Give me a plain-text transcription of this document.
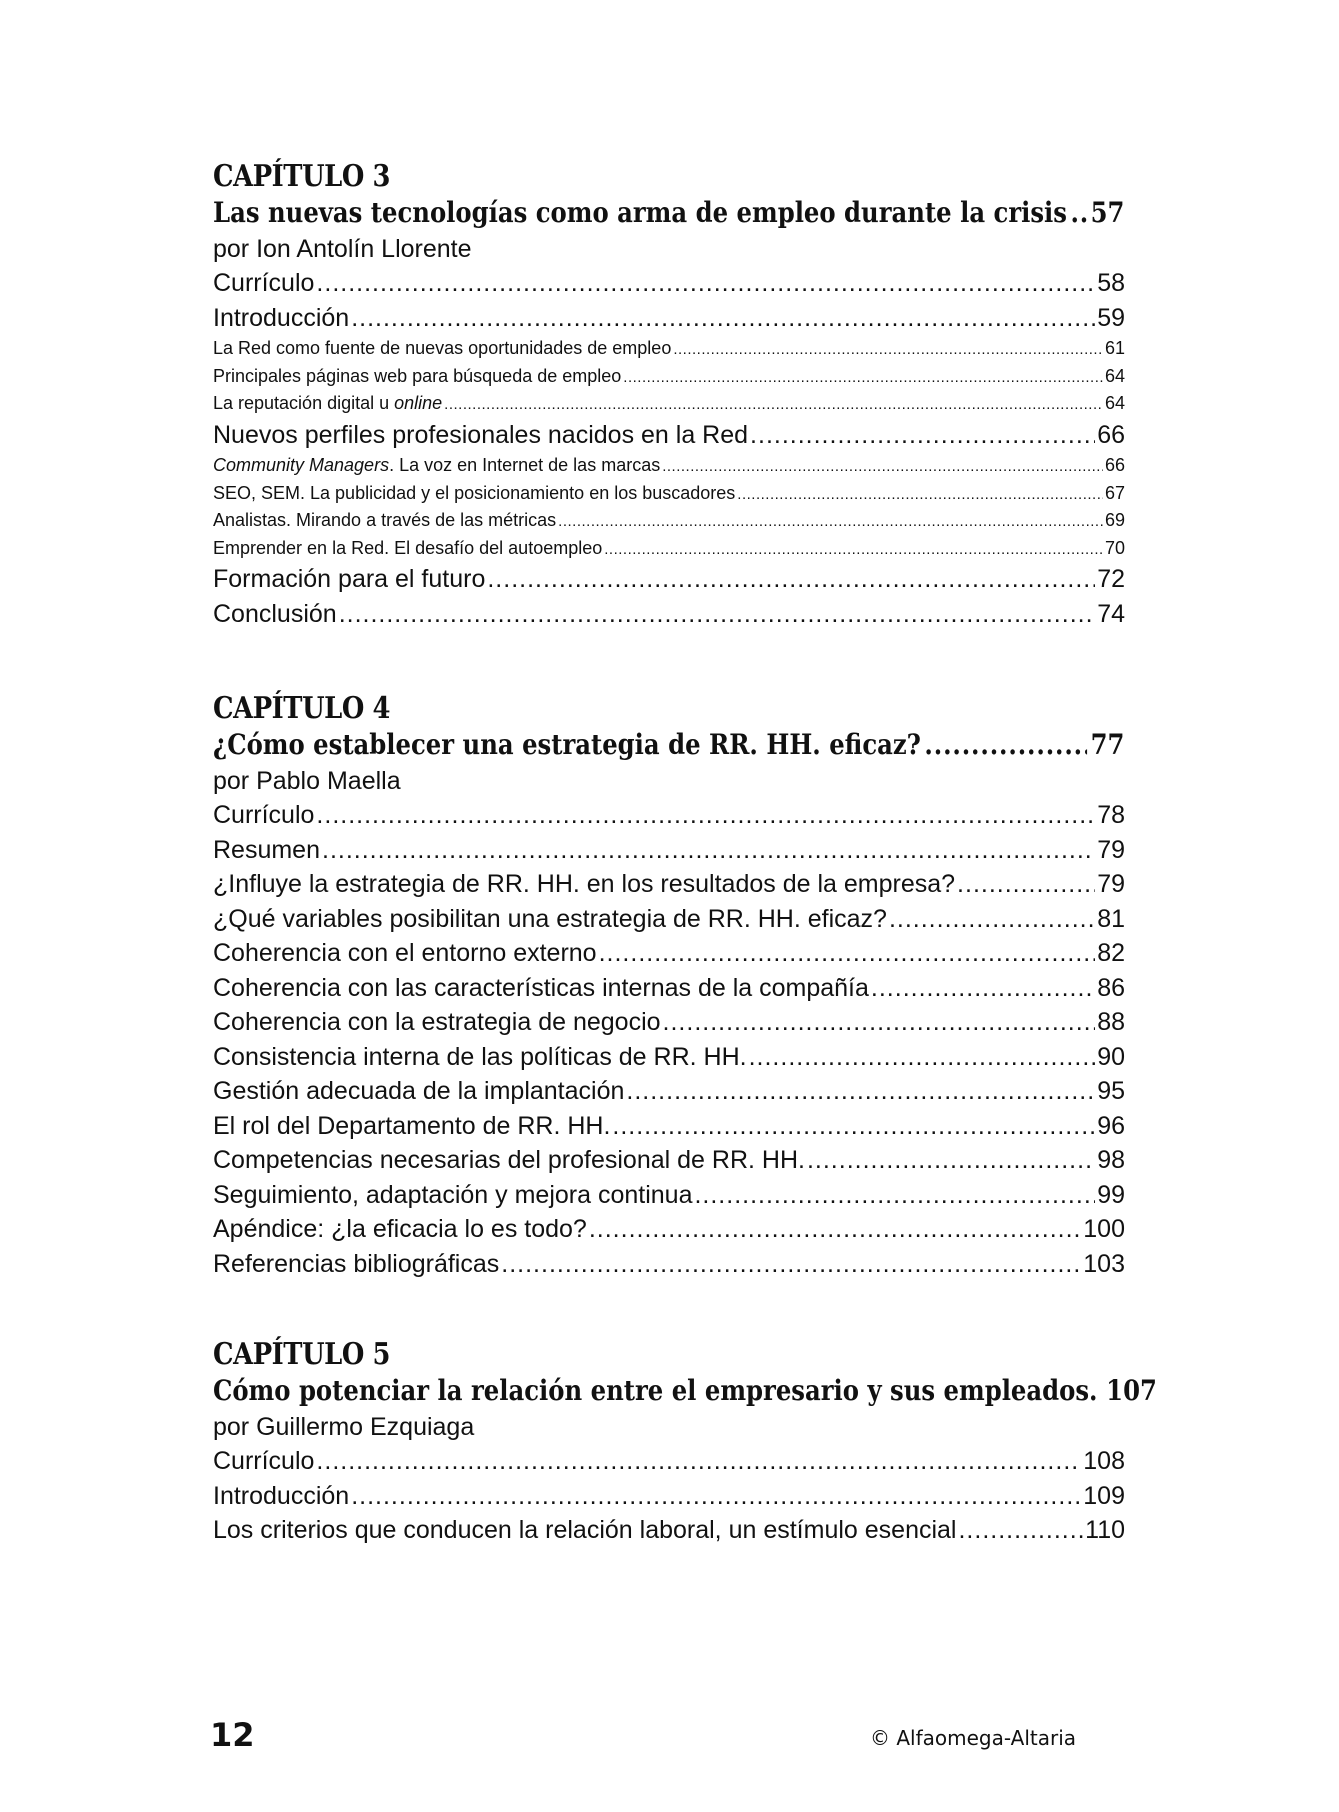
CAPÍTULO 3
Las nuevas tecnologías como arma de empleo durante la crisis ..... 57
por Ion Antolín Llorente
Currículo .....	58
Introducción .....	59
La Red como fuente de nuevas oportunidades de empleo .....	61
Principales páginas web para búsqueda de empleo .....	64
La reputación digital u online .....	64
Nuevos perfiles profesionales nacidos en la Red .....	66
Community Managers. La voz en Internet de las marcas .....	66
SEO, SEM. La publicidad y el posicionamiento en los buscadores .....	67
Analistas. Mirando a través de las métricas .....	69
Emprender en la Red. El desafío del autoempleo .....	70
Formación para el futuro .....	72
Conclusión .....	74
CAPÍTULO 4
¿Cómo establecer una estrategia de RR. HH. eficaz? .....	77
por Pablo Maella
Currículo .....	78
Resumen .....	79
¿Influye la estrategia de RR. HH. en los resultados de la empresa? .....	79
¿Qué variables posibilitan una estrategia de RR. HH. eficaz? .....	81
Coherencia con el entorno externo .....	82
Coherencia con las características internas de la compañía .....	86
Coherencia con la estrategia de negocio .....	88
Consistencia interna de las políticas de RR. HH. .....	90
Gestión adecuada de la implantación .....	95
El rol del Departamento de RR. HH. .....	96
Competencias necesarias del profesional de RR. HH. .....	98
Seguimiento, adaptación y mejora continua .....	99
Apéndice: ¿la eficacia lo es todo? .....	100
Referencias bibliográficas .....	103
CAPÍTULO 5
Cómo potenciar la relación entre el empresario y sus empleados. 107
por Guillermo Ezquiaga
Currículo .....	108
Introducción .....	109
Los criterios que conducen la relación laboral, un estímulo esencial .....	110
12	© Alfaomega-Altaria
